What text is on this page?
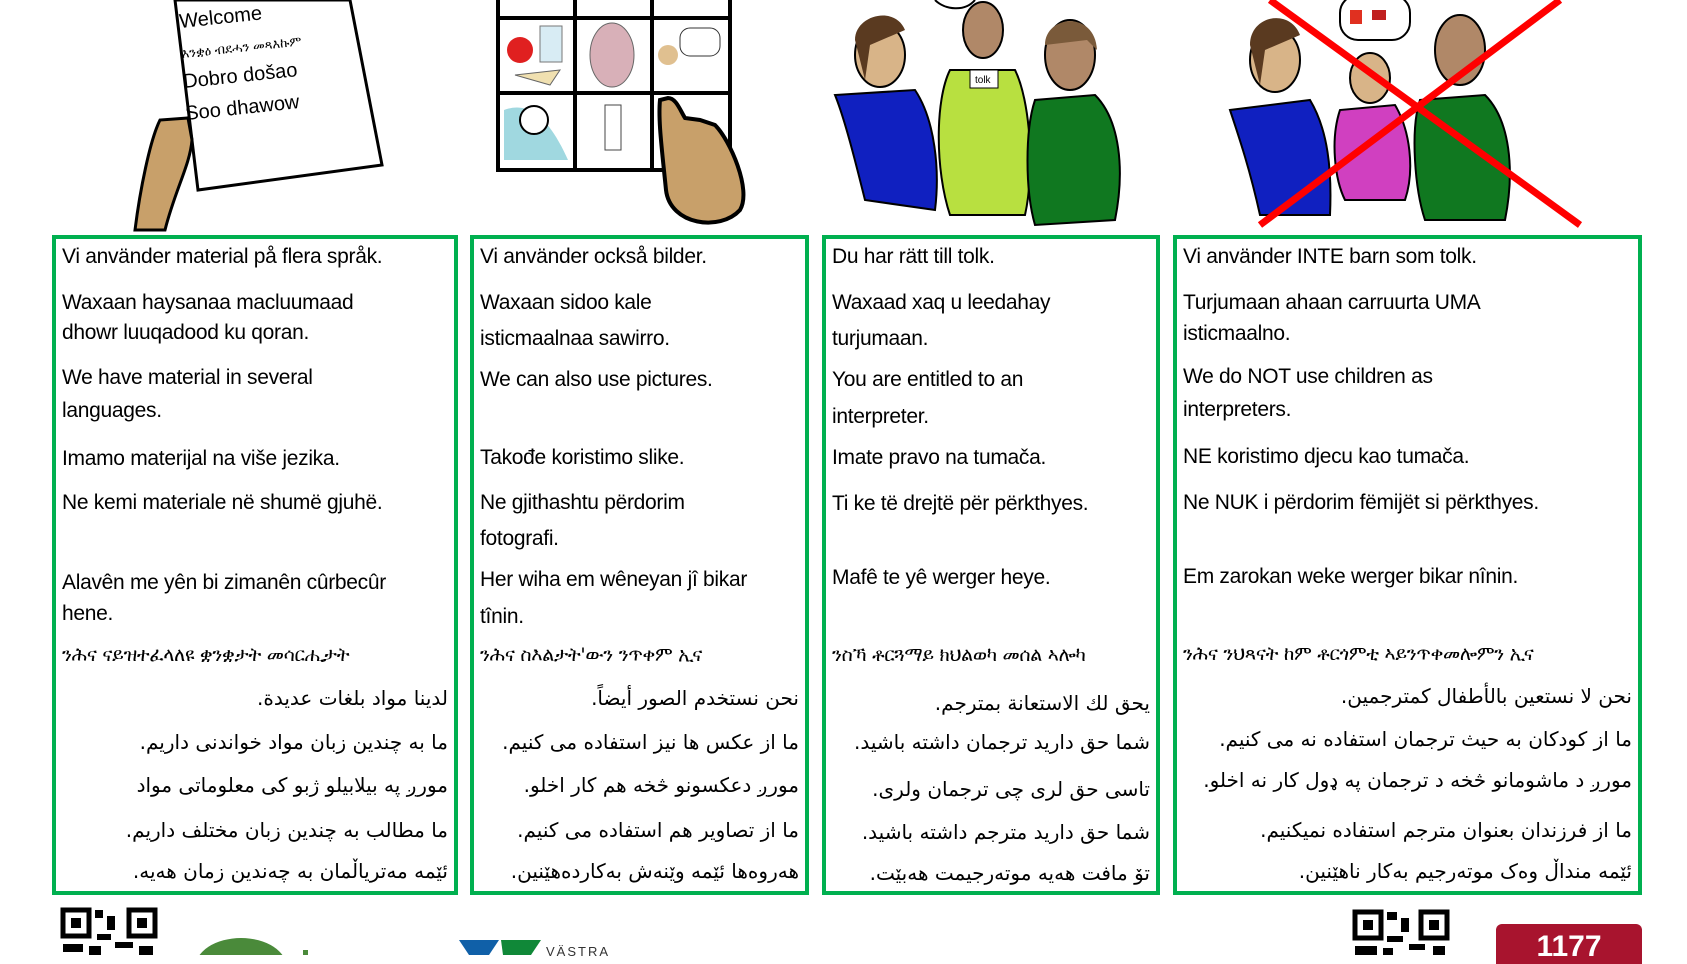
Welcome
እንቋዕ ብደሓን መጻእኩም
Dobro došao
Soo dhawow
tolk
Vi använder material på flera språk.
Waxaan haysanaa macluumaad
dhowr luuqadood ku qoran.
We have material in several
languages.
Imamo materijal na više jezika.
Ne kemi materiale në shumë gjuhë.
Alavên me yên bi zimanên cûrbecûr
hene.
ንሕና ናይዝተፈላለዩ ቋንቋታት መሳርሒታት
لدينا مواد بلغات عديدة.
ما به چندین زبان مواد خواندنی داریم.
مورږ په بیلابیلو ژبو کی معلوماتی مواد
ما مطالب به چندین زبان مختلف داریم.
ئێمە مەتریاڵمان بە چەندین زمان هەیە.
Vi använder också bilder.
Waxaan sidoo kale
isticmaalnaa sawirro.
We can also use pictures.
Takođe koristimo slike.
Ne gjithashtu përdorim
fotografi.
Her wiha em wêneyan jî bikar
tînin.
ንሕና ስእልታት'ውን ንጥቀም ኢና
نحن نستخدم الصور أيضاً.
ما از عکس ها نیز استفاده می کنیم.
مورږ دعکسونو څخه هم کار اخلو.
ما از تصاویر هم استفاده می کنیم.
هەروەها ئێمە وێنەش بەکاردەهێنین.
Du har rätt till tolk.
Waxaad xaq u leedahay
turjumaan.
You are entitled to an
interpreter.
Imate pravo na tumača.
Ti ke të drejtë për përkthyes.
Mafê te yê werger heye.
ንስኻ ቶርጓማይ ክህልወካ መሰል ኣሎካ
يحق لك الاستعانة بمترجم.
شما حق دارید ترجمان داشته باشید.
تاسی حق لری چی ترجمان ولری.
شما حق دارید مترجم داشته باشید.
تۆ مافت هەیە موتەرجیمت هەبێت.
Vi använder INTE barn som tolk.
Turjumaan ahaan carruurta UMA
isticmaalno.
We do NOT use children as
interpreters.
NE koristimo djecu kao tumača.
Ne NUK i përdorim fëmijët si përkthyes.
Em zarokan weke werger bikar nînin.
ንሕና ንህጻናት ከም ቶርጎምቲ ኣይንጥቀመሎምን ኢና
نحن لا نستعين بالأطفال كمترجمين.
ما از کودکان به حیث ترجمان استفاده نه می کنیم.
مورږ د ماشومانو څخه د ترجمان په ډول کار نه اخلو.
ما از فرزندان بعنوان مترجم استفاده نمیکنیم.
ئێمە منداڵ وەک موتەرجیم بەکار ناهێنین.
VÄSTRA	1177
